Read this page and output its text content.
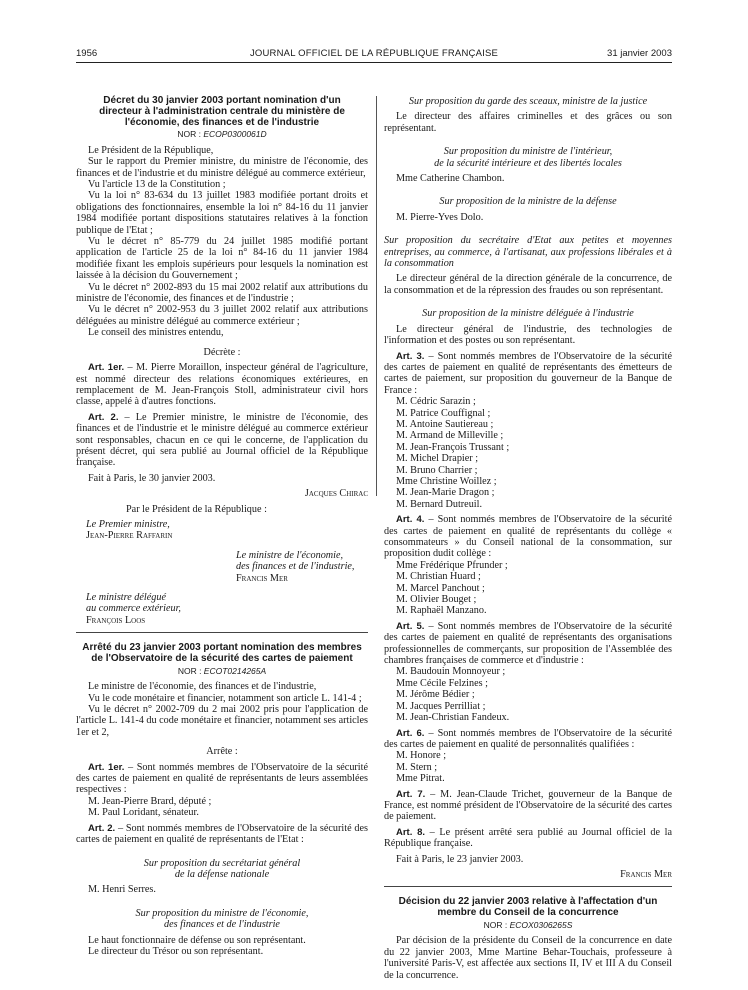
1956	JOURNAL OFFICIEL DE LA RÉPUBLIQUE FRANÇAISE	31 janvier 2003

Décret du 30 janvier 2003 portant nomination d'un directeur à l'administration centrale du ministère de l'économie, des finances et de l'industrie

NOR : ECOP0300061D

Le Président de la République,

Sur le rapport du Premier ministre, du ministre de l'économie, des finances et de l'industrie et du ministre délégué au commerce extérieur,

Vu l'article 13 de la Constitution ;

Vu la loi n° 83-634 du 13 juillet 1983 modifiée portant droits et obligations des fonctionnaires, ensemble la loi n° 84-16 du 11 janvier 1984 modifiée portant dispositions statutaires relatives à la fonction publique de l'Etat ;

Vu le décret n° 85-779 du 24 juillet 1985 modifié portant application de l'article 25 de la loi n° 84-16 du 11 janvier 1984 modifiée fixant les emplois supérieurs pour lesquels la nomination est laissée à la décision du Gouvernement ;

Vu le décret n° 2002-893 du 15 mai 2002 relatif aux attributions du ministre de l'économie, des finances et de l'industrie ;

Vu le décret n° 2002-953 du 3 juillet 2002 relatif aux attributions déléguées au ministre délégué au commerce extérieur ;

Le conseil des ministres entendu,

Décrète :

Art. 1er. – M. Pierre Moraillon, inspecteur général de l'agriculture, est nommé directeur des relations économiques extérieures, en remplacement de M. Jean-François Stoll, administrateur civil hors classe, appelé à d'autres fonctions.

Art. 2. – Le Premier ministre, le ministre de l'économie, des finances et de l'industrie et le ministre délégué au commerce extérieur sont responsables, chacun en ce qui le concerne, de l'application du présent décret, qui sera publié au Journal officiel de la République française.

Fait à Paris, le 30 janvier 2003.

Jacques Chirac

Par le Président de la République :

Le Premier ministre,

Jean-Pierre Raffarin

Le ministre de l'économie,

des finances et de l'industrie,

Francis Mer

Le ministre délégué

au commerce extérieur,

François Loos

Arrêté du 23 janvier 2003 portant nomination des membres de l'Observatoire de la sécurité des cartes de paiement

NOR : ECOT0214265A

Le ministre de l'économie, des finances et de l'industrie,

Vu le code monétaire et financier, notamment son article L. 141-4 ;

Vu le décret n° 2002-709 du 2 mai 2002 pris pour l'application de l'article L. 141-4 du code monétaire et financier, notamment ses articles 1er et 2,

Arrête :

Art. 1er. – Sont nommés membres de l'Observatoire de la sécurité des cartes de paiement en qualité de représentants de leurs assemblées respectives :

M. Jean-Pierre Brard, député ;

M. Paul Loridant, sénateur.

Art. 2. – Sont nommés membres de l'Observatoire de la sécurité des cartes de paiement en qualité de représentants de l'Etat :

Sur proposition du secrétariat général

de la défense nationale

M. Henri Serres.

Sur proposition du ministre de l'économie,

des finances et de l'industrie

Le haut fonctionnaire de défense ou son représentant.

Le directeur du Trésor ou son représentant.

Sur proposition du garde des sceaux, ministre de la justice

Le directeur des affaires criminelles et des grâces ou son représentant.

Sur proposition du ministre de l'intérieur,

de la sécurité intérieure et des libertés locales

Mme Catherine Chambon.

Sur proposition de la ministre de la défense

M. Pierre-Yves Dolo.

Sur proposition du secrétaire d'Etat aux petites et moyennes entreprises, au commerce, à l'artisanat, aux professions libérales et à la consommation

Le directeur général de la direction générale de la concurrence, de la consommation et de la répression des fraudes ou son représentant.

Sur proposition de la ministre déléguée à l'industrie

Le directeur général de l'industrie, des technologies de l'information et des postes ou son représentant.

Art. 3. – Sont nommés membres de l'Observatoire de la sécurité des cartes de paiement en qualité de représentants des émetteurs de cartes de paiement, sur proposition du gouverneur de la Banque de France :

M. Cédric Sarazin ;

M. Patrice Couffignal ;

M. Antoine Sautiereau ;

M. Armand de Milleville ;

M. Jean-François Trussant ;

M. Michel Drapier ;

M. Bruno Charrier ;

Mme Christine Woillez ;

M. Jean-Marie Dragon ;

M. Bernard Dutreuil.

Art. 4. – Sont nommés membres de l'Observatoire de la sécurité des cartes de paiement en qualité de représentants du collège « consommateurs » du Conseil national de la consommation, sur proposition dudit collège :

Mme Frédérique Pfrunder ;

M. Christian Huard ;

M. Marcel Panchout ;

M. Olivier Bouget ;

M. Raphaël Manzano.

Art. 5. – Sont nommés membres de l'Observatoire de la sécurité des cartes de paiement en qualité de représentants des organisations professionnelles de commerçants, sur proposition de l'Assemblée des chambres françaises de commerce et d'industrie :

M. Baudouin Monnoyeur ;

Mme Cécile Felzines ;

M. Jérôme Bédier ;

M. Jacques Perrilliat ;

M. Jean-Christian Fandeux.

Art. 6. – Sont nommés membres de l'Observatoire de la sécurité des cartes de paiement en qualité de personnalités qualifiées :

M. Honore ;

M. Stern ;

Mme Pitrat.

Art. 7. – M. Jean-Claude Trichet, gouverneur de la Banque de France, est nommé président de l'Observatoire de la sécurité des cartes de paiement.

Art. 8. – Le présent arrêté sera publié au Journal officiel de la République française.

Fait à Paris, le 23 janvier 2003.

Francis Mer

Décision du 22 janvier 2003 relative à l'affectation d'un membre du Conseil de la concurrence

NOR : ECOX0306265S

Par décision de la présidente du Conseil de la concurrence en date du 22 janvier 2003, Mme Martine Behar-Touchais, professeure à l'université Paris-V, est affectée aux sections II, IV et III A du Conseil de la concurrence.
